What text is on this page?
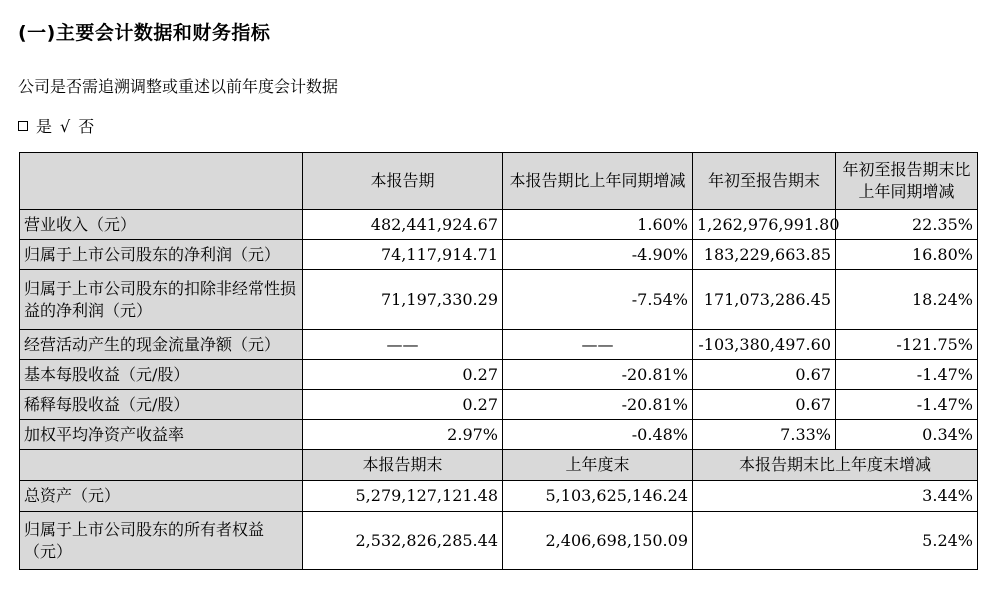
(一)主要会计数据和财务指标
公司是否需追溯调整或重述以前年度会计数据
是 √ 否
	本报告期	本报告期比上年同期增减	年初至报告期末	年初至报告期末比上年同期增减
营业收入（元）	482,441,924.67	1.60%	1,262,976,991.80	22.35%
归属于上市公司股东的净利润（元）	74,117,914.71	-4.90%	183,229,663.85	16.80%
归属于上市公司股东的扣除非经常性损益的净利润（元）	71,197,330.29	-7.54%	171,073,286.45	18.24%
经营活动产生的现金流量净额（元）	——	——	-103,380,497.60	-121.75%
基本每股收益（元/股）	0.27	-20.81%	0.67	-1.47%
稀释每股收益（元/股）	0.27	-20.81%	0.67	-1.47%
加权平均净资产收益率	2.97%	-0.48%	7.33%	0.34%
	本报告期末	上年度末	本报告期末比上年度末增减	
总资产（元）	5,279,127,121.48	5,103,625,146.24	3.44%	
归属于上市公司股东的所有者权益（元）	2,532,826,285.44	2,406,698,150.09	5.24%	
